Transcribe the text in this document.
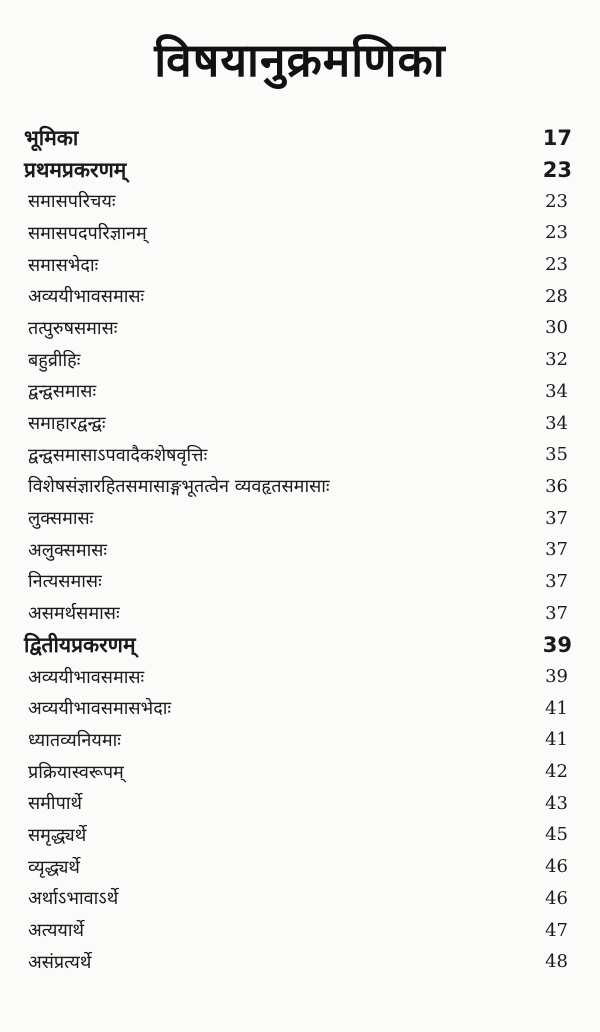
विषयानुक्रमणिका
भूमिका	17
प्रथमप्रकरणम्	23
समासपरिचयः	23
समासपदपरिज्ञानम्	23
समासभेदाः	23
अव्ययीभावसमासः	28
तत्पुरुषसमासः	30
बहुव्रीहिः	32
द्वन्द्वसमासः	34
समाहारद्वन्द्वः	34
द्वन्द्वसमासाऽपवादैकशेषवृत्तिः	35
विशेषसंज्ञारहितसमासाङ्गभूतत्वेन व्यवहृतसमासाः	36
लुक्समासः	37
अलुक्समासः	37
नित्यसमासः	37
असमर्थसमासः	37
द्वितीयप्रकरणम्	39
अव्ययीभावसमासः	39
अव्ययीभावसमासभेदाः	41
ध्यातव्यनियमाः	41
प्रक्रियास्वरूपम्	42
समीपार्थे	43
समृद्ध्यर्थे	45
व्यृद्ध्यर्थे	46
अर्थाऽभावाऽर्थे	46
अत्ययार्थे	47
असंप्रत्यर्थे	48
